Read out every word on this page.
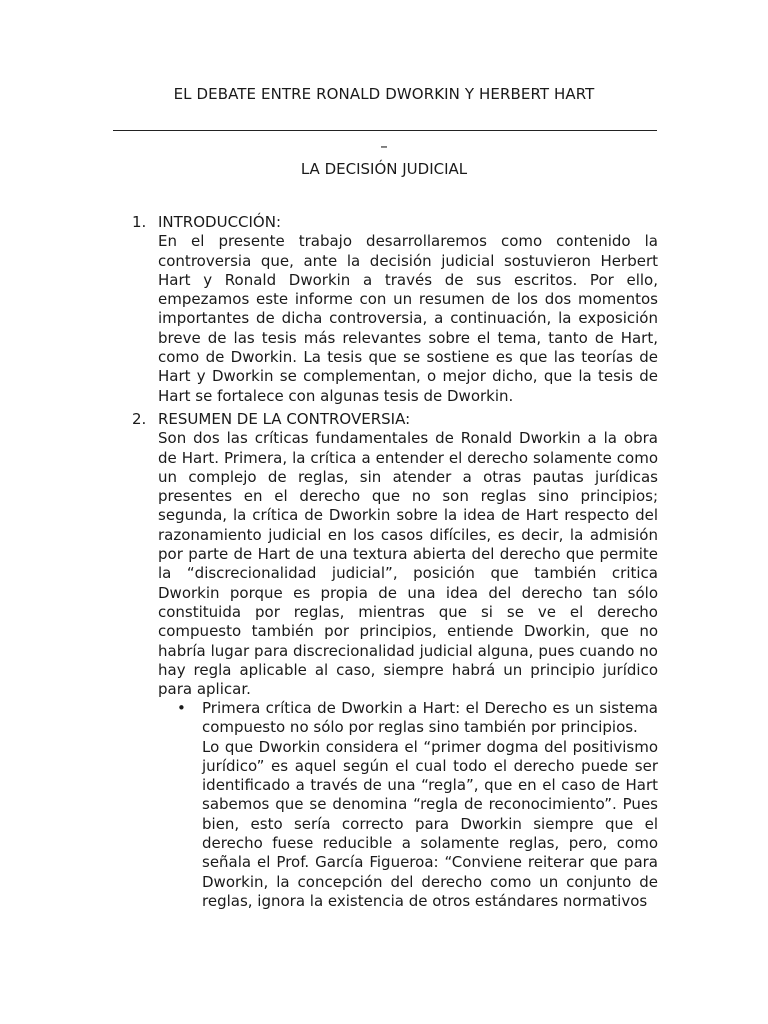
EL DEBATE ENTRE RONALD DWORKIN Y HERBERT HART
–
LA DECISIÓN JUDICIAL
1. INTRODUCCIÓN:
En el presente trabajo desarrollaremos como contenido la controversia que, ante la decisión judicial sostuvieron Herbert Hart y Ronald Dworkin a través de sus escritos. Por ello, empezamos este informe con un resumen de los dos momentos importantes de dicha controversia, a continuación, la exposición breve de las tesis más relevantes sobre el tema, tanto de Hart, como de Dworkin. La tesis que se sostiene es que las teorías de Hart y Dworkin se complementan, o mejor dicho, que la tesis de Hart se fortalece con algunas tesis de Dworkin.
2. RESUMEN DE LA CONTROVERSIA:
Son dos las críticas fundamentales de Ronald Dworkin a la obra de Hart. Primera, la crítica a entender el derecho solamente como un complejo de reglas, sin atender a otras pautas jurídicas presentes en el derecho que no son reglas sino principios; segunda, la crítica de Dworkin sobre la idea de Hart respecto del razonamiento judicial en los casos difíciles, es decir, la admisión por parte de Hart de una textura abierta del derecho que permite la “discrecionalidad judicial”, posición que también critica Dworkin porque es propia de una idea del derecho tan sólo constituida por reglas, mientras que si se ve el derecho compuesto también por principios, entiende Dworkin, que no habría lugar para discrecionalidad judicial alguna, pues cuando no hay regla aplicable al caso, siempre habrá un principio jurídico para aplicar.
• Primera crítica de Dworkin a Hart: el Derecho es un sistema compuesto no sólo por reglas sino también por principios.
Lo que Dworkin considera el “primer dogma del positivismo jurídico” es aquel según el cual todo el derecho puede ser identificado a través de una “regla”, que en el caso de Hart sabemos que se denomina “regla de reconocimiento”. Pues bien, esto sería correcto para Dworkin siempre que el derecho fuese reducible a solamente reglas, pero, como señala el Prof. García Figueroa: “Conviene reiterar que para Dworkin, la concepción del derecho como un conjunto de reglas, ignora la existencia de otros estándares normativos
